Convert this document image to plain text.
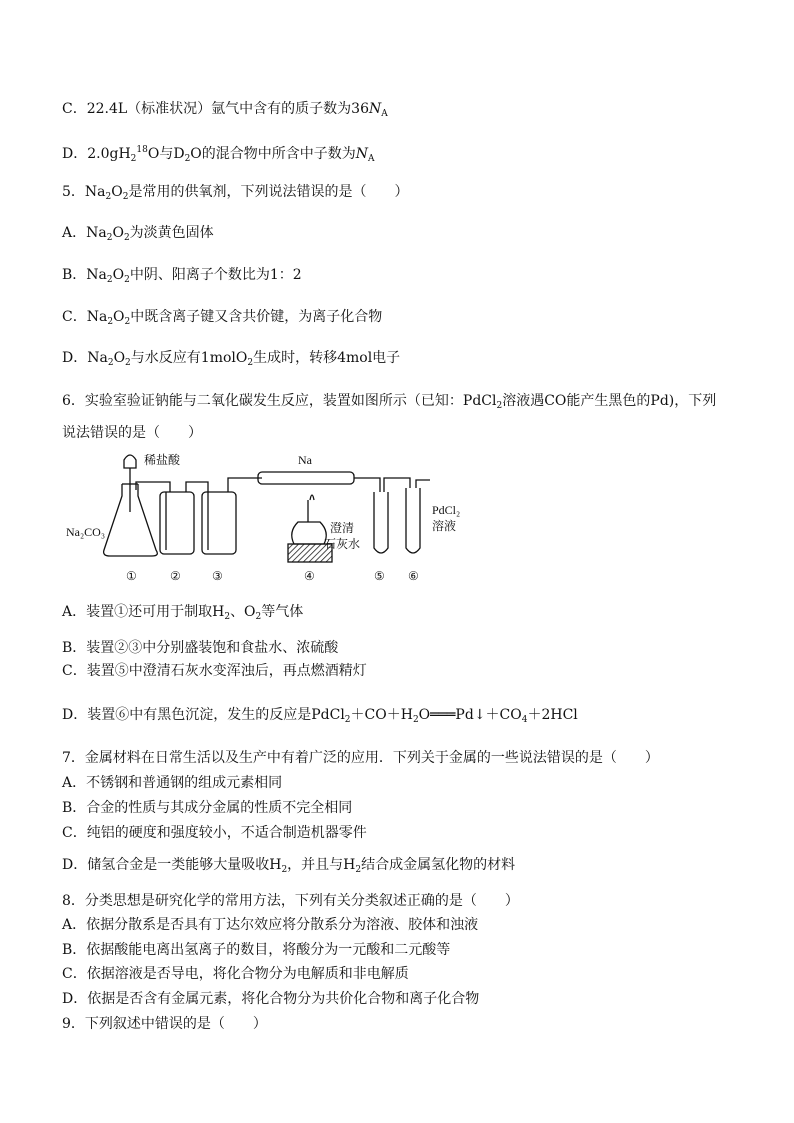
C．22.4L（标准状况）氩气中含有的质子数为$36N_A$
D．$2.0gH_2^{18}O$与$D_2O$的混合物中所含中子数为$N_A$
5．$Na_2O_2$是常用的供氧剂，下列说法错误的是（　　）
A．$Na_2O_2$为淡黄色固体
B．$Na_2O_2$中阴、阳离子个数比为1：2
C．$Na_2O_2$中既含离子键又含共价键，为离子化合物
D．$Na_2O_2$与水反应有1molO$_2$生成时，转移4mol电子
6．实验室验证钠能与二氧化碳发生反应，装置如图所示（已知：PdCl$_2$溶液遇CO能产生黑色的Pd)，下列
说法错误的是（　　）
A．装置①还可用于制取$H_2$、$O_2$等气体
B．装置②③中分别盛装饱和食盐水、浓硫酸
C．装置⑤中澄清石灰水变浑浊后，再点燃酒精灯
D．装置⑥中有黑色沉淀，发生的反应是$PdCl_2+CO+H_2O═══Pd↓+CO_4+2HCl$
7．金属材料在日常生活以及生产中有着广泛的应用．下列关于金属的一些说法错误的是（　　）
A．不锈钢和普通钢的组成元素相同
B．合金的性质与其成分金属的性质不完全相同
C．纯铝的硬度和强度较小，不适合制造机器零件
D．储氢合金是一类能够大量吸收$H_2$，并且与$H_2$结合成金属氢化物的材料
8．分类思想是研究化学的常用方法，下列有关分类叙述正确的是（　　）
A．依据分散系是否具有丁达尔效应将分散系分为溶液、胶体和浊液
B．依据酸能电离出氢离子的数目，将酸分为一元酸和二元酸等
C．依据溶液是否导电，将化合物分为电解质和非电解质
D．依据是否含有金属元素，将化合物分为共价化合物和离子化合物
9．下列叙述中错误的是（　　）
稀盐酸	Na
Na₂CO₃	澄清
石灰水
PdCl₂
溶液
①	②	③	④	⑤ ⑥
